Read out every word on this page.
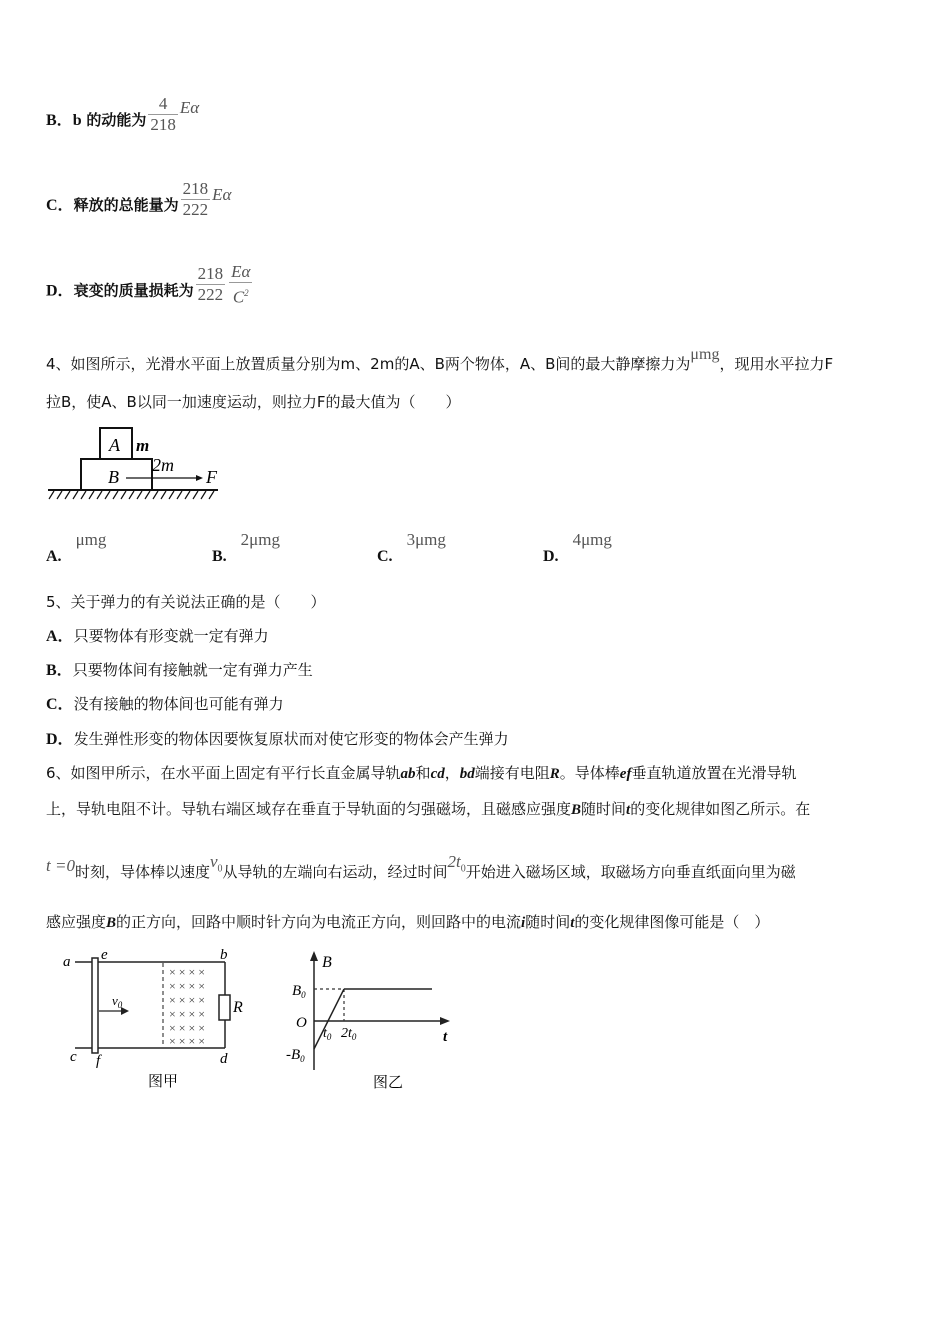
B．b 的动能为 $\frac{4}{218}$ Eα
C．释放的总能量为 $\frac{218}{222}$ Eα
D．衰变的质量损耗为 $\frac{218}{222} \frac{E\alpha}{C^2}$
4、如图所示，光滑水平面上放置质量分别为m、2m的A、B两个物体，A、B间的最大静摩擦力为μmg，现用水平拉力F
拉B，使A、B以同一加速度运动，则拉力F的最大值为（　　）
A m
B
2m
F
A.μmg
B.2μmg
C.3μmg
D.4μmg
5、关于弹力的有关说法正确的是（　　）
A．只要物体有形变就一定有弹力
B．只要物体间有接触就一定有弹力产生
C．没有接触的物体间也可能有弹力
D．发生弹性形变的物体因要恢复原状而对使它形变的物体会产生弹力
6、如图甲所示，在水平面上固定有平行长直金属导轨ab和cd，bd端接有电阻R。导体棒ef垂直轨道放置在光滑导轨
上，导轨电阻不计。导轨右端区域存在垂直于导轨面的匀强磁场，且磁感应强度B随时间t的变化规律如图乙所示。在
t =0时刻，导体棒以速度$v_0$从导轨的左端向右运动，经过时间$2t_0$开始进入磁场区域，取磁场方向垂直纸面向里为磁
感应强度B的正方向，回路中顺时针方向为电流正方向，则回路中的电流i随时间t的变化规律图像可能是（　）
× × × ×
× × × ×
× × × ×
× × × ×
× × × ×
× × × ×
$v_0$
a e	b
R
c f	d
图甲
B
$B_0$
O
$t_0$ $2t_0$	t
$-B_0$
图乙
